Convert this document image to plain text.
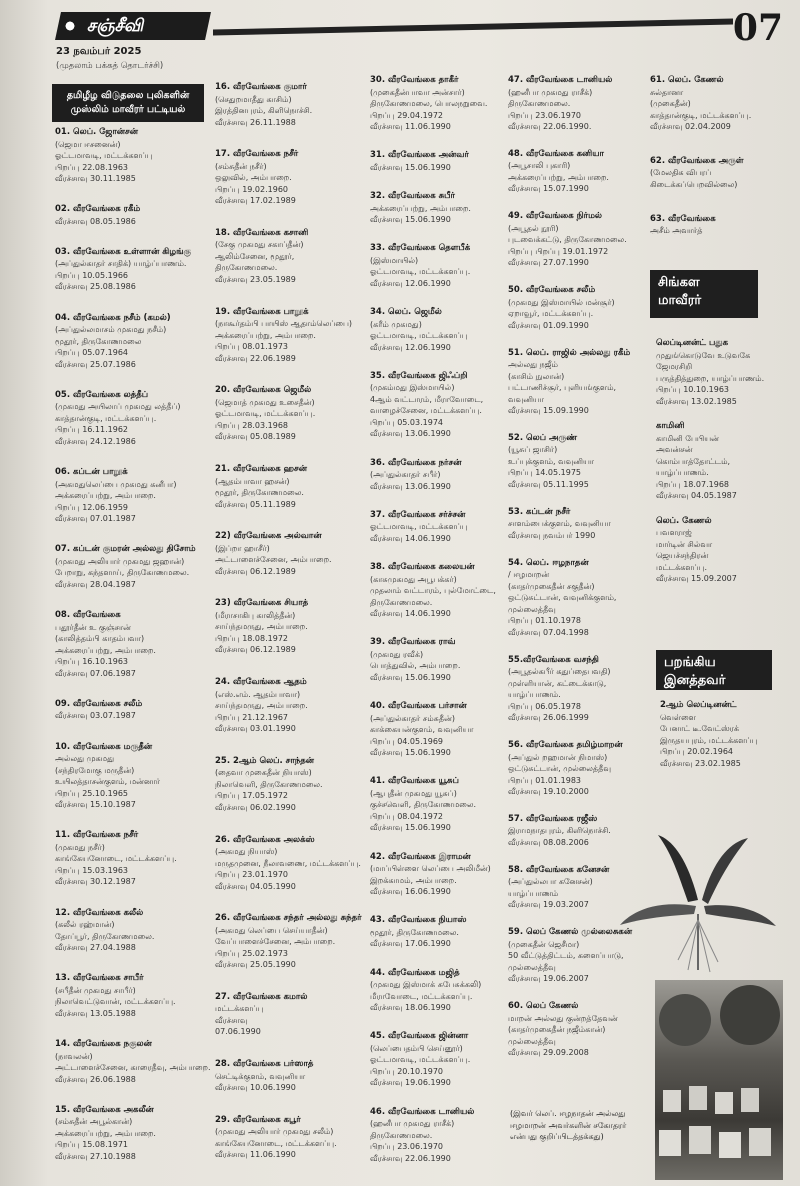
சஞ்சீவி	07
23 நவம்பர் 2025
(முதலாம் பக்கத் தொடர்ச்சி)
தமிழீழ விடுதலை புலிகளின்
முஸ்லிம் மாவீரர் பட்டியல்
01. லெப். ஜோன்சன்
(ஜெமா ஈசனைன்)
ஓட்டமாவடி, மட்டக்களப்பு
பிறப்பு 22.08.1963
வீரச்சாவு 30.11.1985
02. வீரவேங்கை ரகீம்
வீரச்சாவு 08.05.1986
03. வீரவேங்கை உள்ளான் கிழங்கு
(அப்துல்காதர் சாதிக்) யாழ்ப்பாணம்.
பிறப்பு 10.05.1966
வீரச்சாவு 25.08.1986
04. வீரவேங்கை நசீம் (கமல்)
(அப்துல்லமாசம் முகமது நசீம்)
மூதூர், திருகோணமலை
பிறப்பு 05.07.1964
வீரச்சாவு 25.07.1986
05. வீரவேங்கை லத்தீப்
(முகமது அயிலாப் முகமது லத்தீப்)
காத்தான்குடி, மட்டக்களப்பு.
பிறப்பு 16.11.1962
வீரச்சாவு 24.12.1986
06. கப்டன் பாறூக்
(அகமதுலெப்பை முகமது கனீபா)
அக்கரைப்பற்று, அம்பாறை.
பிறப்பு 12.06.1959
வீரச்சாவு 07.01.1987
07. கப்டன் குமரன் அல்லது திசோம்
(முகமது அலியார் முகமது ஜஹான்)
பேறாறு, கந்தளாய், திருகோணமலை.
வீரச்சாவு 28.04.1987
08. வீரவேங்கை
பதூர்தீன் உ குஞ்சான்
(காலித்தம்பி காதம்பவா)
அக்கரைப்பற்று, அம்பாறை.
பிறப்பு 16.10.1963
வீரச்சாவு 07.06.1987
09. வீரவேங்கை சலீம்
வீரச்சாவு 03.07.1987
10. வீரவேங்கை மருதீன்
அல்லது முகமது
(சந்திரமோகு மருதீன்)
உயிலத்தாசன்குளம், மன்னார்
பிறப்பு 25.10.1965
வீரச்சாவு 15.10.1987
11. வீரவேங்கை நசீர்
(முகமது நசீர்)
காங்கேயனோடை, மட்டக்களப்பு.
பிறப்பு 15.03.1963
வீரச்சாவு 30.12.1987
12. வீரவேங்கை கலீல்
(கலீல் ரஹ்மான்)
தோப்பூர், திருகோணமலை.
வீரச்சாவு 27.04.1988
13. வீரவேங்கை சாபீர்
(சபீதீன் முகமது சாபீர்)
நிலாவெட்டுவான், மட்டக்களப்பு.
வீரச்சாவு 13.05.1988
14. வீரவேங்கை நகுலன்
(நாவலன்)
அட்டாளைச்சேனை, காரைதீவு, அம்பாறை.
வீரச்சாவு 26.06.1988
15. வீரவேங்கை அகலீன்
(சம்சுதீன் அபூல்கான்)
அக்கரைப்பற்று, அம்பாறை.
பிறப்பு 15.08.1971
வீரச்சாவு 27.10.1988
16. வீரவேங்கை குமார்
(செதுறமாதீது காசிம்)
இரத்தினபுரம், கிளிநொச்சி.
வீரச்சாவு 26.11.1988
17. வீரவேங்கை நசீர்
(சம்சுதீன் நசீர்)
ஒலுவில், அம்பாறை.
பிறப்பு 19.02.1960
வீரச்சாவு 17.02.1989
18. வீரவேங்கை கசானி
(சேகு முகமது சகாப்தீன்)
ஆலிம்சேனை, மூதூர்,
திருகோணமலை.
வீரச்சாவு 23.05.1989
19. வீரவேங்கை பாறூக்
(நாகூர்தம்பி பாயிஸ் ஆதாம்லெப்பை)
அக்கரைப்பற்று, அம்பாறை.
பிறப்பு 08.01.1973
வீரச்சாவு 22.06.1989
20. வீரவேங்கை ஜெமீல்
(ஜெமாத் முகமது உசைதீன்)
ஓட்டமாவடி, மட்டக்களப்பு.
பிறப்பு 28.03.1968
வீரச்சாவு 05.08.1989
21. வீரவேங்கை ஹசன்
(ஆதம்பாவா ஹசன்)
மூதூர், திருகோணமலை.
வீரச்சாவு 05.11.1989
22) வீரவேங்கை அல்வான்
(இப்றா ஹாசீர்)
அட்டாளைச்சேனை, அம்பாறை.
வீரச்சாவு 06.12.1989
23) வீரவேங்கை சியாத்
(மீராசாகிபு காலித்தீன்)
சாய்ந்தமருது, அம்பாறை.
பிறப்பு 18.08.1972
வீரச்சாவு 06.12.1989
24. வீரவேங்கை ஆதம்
(எஸ்.எம். ஆதம்பாவா)
சாய்ந்தமருது, அம்பாறை.
பிறப்பு 21.12.1967
வீரச்சாவு 03.01.1990
25. 2ஆம் லெப். சாந்தன்
(தைவா முகைதீன் நியாஸ்)
நிலாவெளி, திருகோணமலை.
பிறப்பு 17.05.1972
வீரச்சாவு 06.02.1990
26. வீரவேங்கை அலக்ஸ்
(அகமது நியாஸ்)
மருதமுனை, நீலாவணை, மட்டக்களப்பு.
பிறப்பு 23.01.1970
வீரச்சாவு 04.05.1990
26. வீரவேங்கை சந்தர் அல்லது சுந்தர்
(அகமது லெப்பை செய்யாதீன்)
வேப்பாளைச்சேனை, அம்பாறை.
பிறப்பு 25.02.1973
வீரச்சாவு 25.05.1990
27. வீரவேங்கை கமால்
மட்டக்களப்பு
வீரச்சாவு
07.06.1990
28. வீரவேங்கை பர்ஸாத்
செட்டிக்குளம், வவுனியா
வீரச்சாவு 10.06.1990
29. வீரவேங்கை கபூர்
(முகமது அலியார் முகமது சலீம்)
காங்கேயனோடை, மட்டக்களப்பு.
வீரச்சாவு 11.06.1990
30. வீரவேங்கை தாகீர்
(முகைதீன்பாவா அன்சார்)
திருகோணமலை, பொலநறுவை.
பிறப்பு 29.04.1972
வீரச்சாவு 11.06.1990
31. வீரவேங்கை அன்வர்
வீரச்சாவு 15.06.1990
32. வீரவேங்கை சுபீர்
அக்கரைப்பற்று, அம்பாறை.
வீரச்சாவு 15.06.1990
33. வீரவேங்கை தெளபீக்
(இஸ்மாயில்)
ஓட்டமாவடி, மட்டக்களப்பு.
வீரச்சாவு 12.06.1990
34. லெப். ஜெமீல்
(கரீம் முகமது)
ஓட்டமாவடி, மட்டக்களப்பு
வீரச்சாவு 12.06.1990
35. வீரவேங்கை ஜிஃப்றி
(முகம்மது இஸ்மாயில்)
4ஆம் வட்டாரம், மீராவோடை,
வாழைச்சேனை, மட்டக்களப்பு.
பிறப்பு 05.03.1974
வீரச்சாவு 13.06.1990
36. வீரவேங்கை நர்சன்
(அப்துல்காதர் சபீர்)
வீரச்சாவு 13.06.1990
37. வீரவேங்கை சர்ச்சன்
ஓட்டமாவடி, மட்டக்களப்பு
வீரச்சாவு 14.06.1990
38. வீரவேங்கை கலையன்
(காசுமுகமது அபூபக்கர்)
முதலாம் வட்டாரம், புல்மோட்டை,
திருகோணமலை.
வீரச்சாவு 14.06.1990
39. வீரவேங்கை ராவ்
(முகமது ரவீக்)
பொத்துவில், அம்பாறை.
வீரச்சாவு 15.06.1990
40. வீரவேங்கை பர்சான்
(அப்துல்காதர் சம்சுதீன்)
காக்கையன்குளம், வவுனியா
பிறப்பு 04.05.1969
வீரச்சாவு 15.06.1990
41. வீரவேங்கை யூசுப்
(ஆபுதீன் முகமது யூசுப்)
குச்சவெளி, திருகோணமலை.
பிறப்பு 08.04.1972
வீரச்சாவு 15.06.1990
42. வீரவேங்கை இராமன்
(மாப்பிள்ளை லெப்பை அலிமீன்)
இறக்காமம், அம்பாறை.
வீரச்சாவு 16.06.1990
43. வீரவேங்கை நியாஸ்
மூதூர், திருகோணமலை.
வீரச்சாவு 17.06.1990
44. வீரவேங்கை மஜித்
(முகமது இஸ்மாக் சுபேசுக்கலி)
மீராவோடை, மட்டக்களப்பு.
வீரச்சாவு 18.06.1990
45. வீரவேங்கை ஜின்னா
(லெப்பைதம்பி செய்னூர்)
ஓட்டமாவடி, மட்டக்களப்பு.
பிறப்பு 20.10.1970
வீரச்சாவு 19.06.1990
46. வீரவேங்கை டானியல்
(ஹனீபா முகமது ராசீக்)
திருகோணமலை.
பிறப்பு 23.06.1970
வீரச்சாவு 22.06.1990
47. வீரவேங்கை டானியல்
(ஹனீபா முகமது ராசீக்)
திருகோணமலை.
பிறப்பு 23.06.1970
வீரச்சாவு 22.06.1990.
48. வீரவேங்கை கனியா
(அபூசாலி புகாரி)
அக்கரைப்பற்று, அம்பாறை.
வீரச்சாவு 15.07.1990
49. வீரவேங்கை நிர்மல்
(அபூதல் நூரி)
புடவைக்கட்டு, திருகோணமலை.
பிறப்பு பிறப்பு 19.01.1972
வீரச்சாவு 27.07.1990
50. வீரவேங்கை சலீம்
(முகமது இஸ்மாயில் மன்சூர்)
ஏறாவூர், மட்டக்களப்பு.
வீரச்சாவு 01.09.1990
51. லெப். ராஜில் அல்லது ரகீம்
அல்லது நஜீம்
(காசிம் நுலான்)
பட்டாணிச்சூர், புளியங்குளம்,
வவுனியா
வீரச்சாவு 15.09.1990
52. லெப் அருண்
(யூசுப் ஜாசிர்)
உப்புக்குளம், வவுனியா
பிறப்பு 14.05.1975
வீரச்சாவு 05.11.1995
53. கப்டன் நசீர்
சாளம்பைக்குளம், வவுனியா
வீரச்சாவு நவம்பர் 1990
54. லெப். ஈழநாதன்
/ ஈழமாறன்
(காதர்முகைதீன் சகுதீன்)
ஒட்டுசுட்டான், வவுனிக்குளம்,
முல்லைத்தீவு
பிறப்பு 01.10.1978
வீரச்சாவு 07.04.1998
55.வீரவேங்கை வசந்தி
(அபூதல்கபீர் கதுப்தைபவதி)
முள்ளியான், கட்டைக்காடு,
யாழ்ப்பாணம்.
பிறப்பு 06.05.1978
வீரச்சாவு 26.06.1999
56. வீரவேங்கை தமிழ்மாறன்
(அப்துல் றஹமான் நிமாஸ்)
ஒட்டுசுட்டான், முல்லைத்தீவு
பிறப்பு 01.01.1983
வீரச்சாவு 19.10.2000
57. வீரவேங்கை ரஜீஸ்
இராமநாதபுரம், கிளிநொச்சி.
வீரச்சாவு 08.08.2006
58. வீரவேங்கை கனேசன்
(அப்துல்லபா கனேசன்)
யாழ்ப்பாணம்
வீரச்சாவு 19.03.2007
59. லெப் கேணல் முல்லைசுகன்
(முகைதீன் ஜெசீமா)
50 வீட்டுத்திட்டம், களைப்பாடு,
முல்லைத்தீவு
வீரச்சாவு 19.06.2007
60. லெப் கேணல்
மாறன் அல்லது குன்றத்தேவன்
(காதர்முகைதீன் நஜீம்கான்)
முல்லைத்தீவு
வீரச்சாவு 29.09.2008
61. லெப். கேணல்
சுல்தானா
(முகைதீன்)
காத்தான்குடி, மட்டக்களப்பு.
வீரச்சாவு 02.04.2009
62. வீரவேங்கை அருள்
(மேலதிக விபரப்
கிடைக்கப்பெறவில்லை)
63. வீரவேங்கை
அசீம் அவார்த்
(இவர் லெப். ஈழநாதன் அல்லது
ஈழமாறன் அவர்களின் சகோதரர்
என்பது குறிப்பிடத்தக்கது)
சிங்கள
மாவீரர்
லெப்டினன்ட் பதுக
முதுங்கொடுவே உடுவகே
ஜேமரசிறி
பருத்தித்துறை, யாழ்ப்பாணம்.
பிறப்பு 10.10.1963
வீரச்சாவு 13.02.1985
காமினி
காமினி பேபியன்
அவன்சன்
கொம்பாத்தோட்டம்,
யாழ்ப்பாணம்.
பிறப்பு 18.07.1968
வீரச்சாவு 04.05.1987
லெப். கேணல்
பவளராஜ்
மார்டின் சில்வா
ஜெயச்சந்திரன்
மட்டக்களப்பு.
வீரச்சாவு 15.09.2007
பறங்கிய
இனத்தவர்
2ஆம் லெப்டினன்ட்
வெள்ளை
பேனாட் டீ.வேட்ஸ்ரக்
இருதயபுரம், மட்டக்களப்பு
பிறப்பு 20.02.1964
வீரச்சாவு 23.02.1985
